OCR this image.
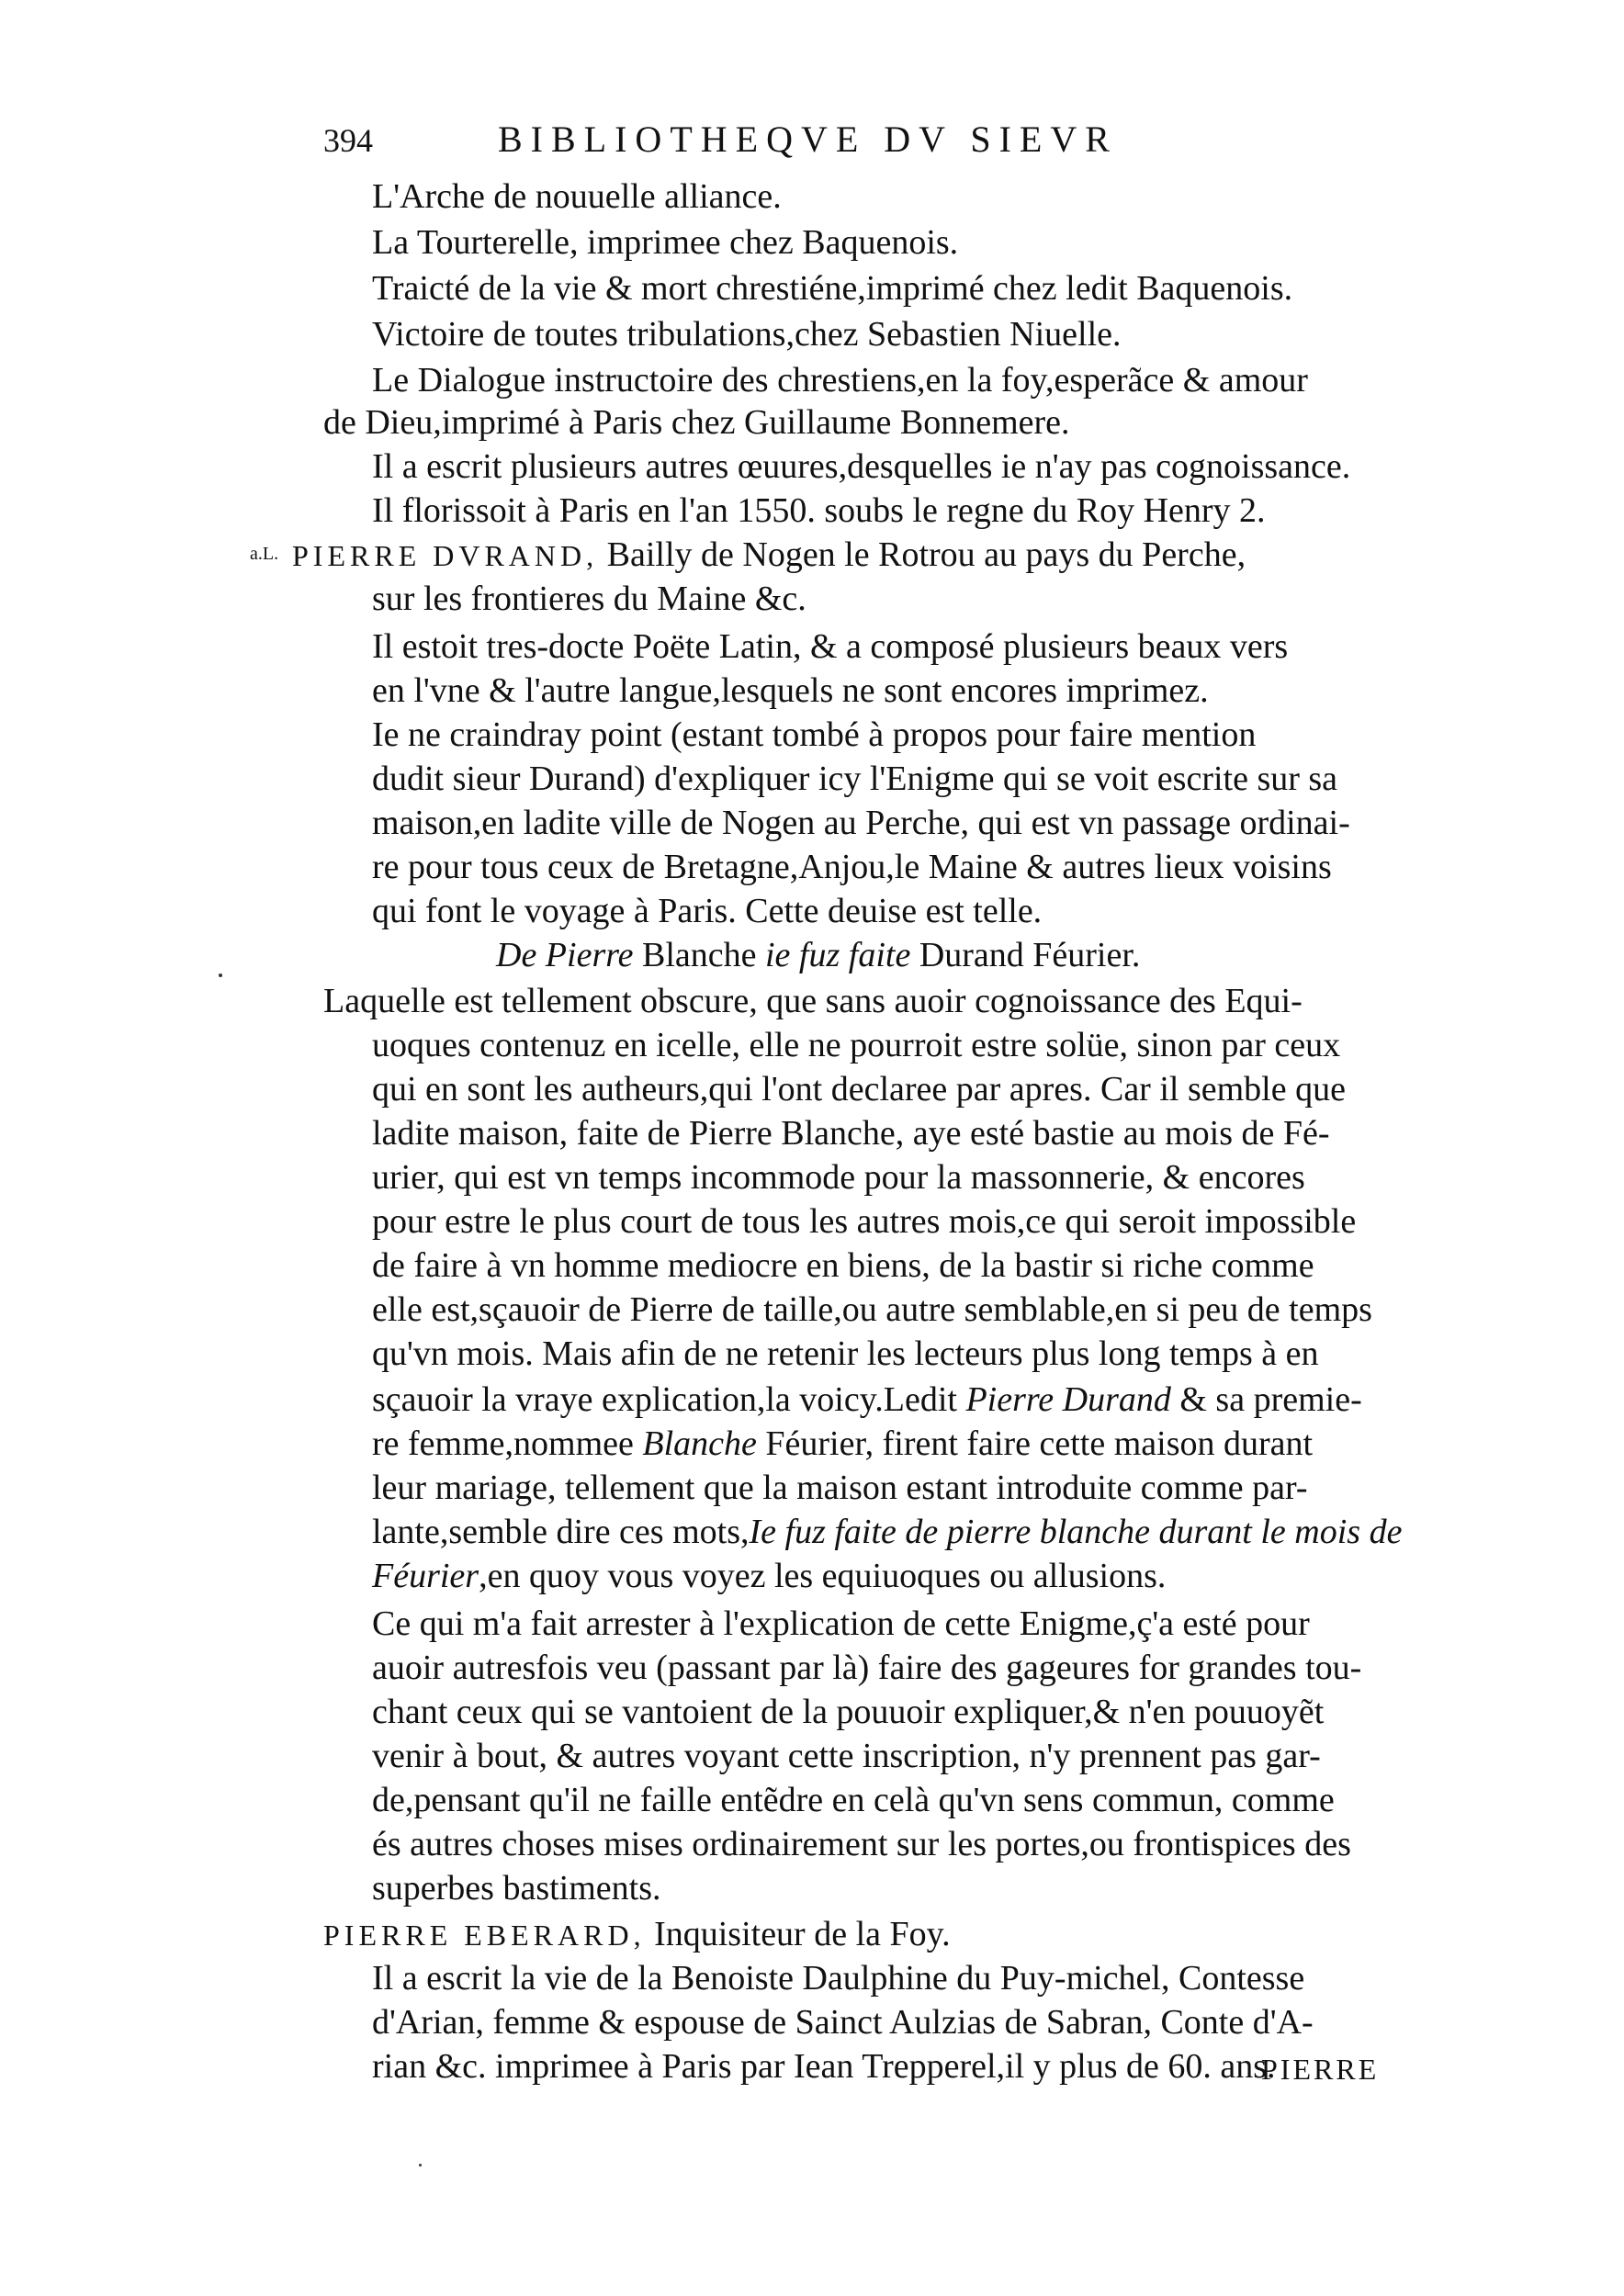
394	BIBLIOTHEQVE DV SIEVR
L'Arche de nouuelle alliance.
La Tourterelle, imprimee chez Baquenois.
Traicté de la vie & mort chrestiéne,imprimé chez ledit Baquenois.
Victoire de toutes tribulations,chez Sebastien Niuelle.
Le Dialogue instructoire des chrestiens,en la foy,esperãce & amour
de Dieu,imprimé à Paris chez Guillaume Bonnemere.
Il a escrit plusieurs autres œuures,desquelles ie n'ay pas cognoissance.
Il florissoit à Paris en l'an 1550. soubs le regne du Roy Henry 2.
a.L. PIERRE DVRAND, Bailly de Nogen le Rotrou au pays du Perche,
sur les frontieres du Maine &c.
Il estoit tres-docte Poëte Latin, & a composé plusieurs beaux vers
en l'vne & l'autre langue,lesquels ne sont encores imprimez.
Ie ne craindray point (estant tombé à propos pour faire mention
dudit sieur Durand) d'expliquer icy l'Enigme qui se voit escrite sur sa
maison,en ladite ville de Nogen au Perche, qui est vn passage ordinai-
re pour tous ceux de Bretagne,Anjou,le Maine & autres lieux voisins
qui font le voyage à Paris. Cette deuise est telle.
De Pierre Blanche ie fuz faite Durand Féurier.
Laquelle est tellement obscure, que sans auoir cognoissance des Equi-
uoques contenuz en icelle, elle ne pourroit estre solüe, sinon par ceux
qui en sont les autheurs,qui l'ont declaree par apres. Car il semble que
ladite maison, faite de Pierre Blanche, aye esté bastie au mois de Fé-
urier, qui est vn temps incommode pour la massonnerie, & encores
pour estre le plus court de tous les autres mois,ce qui seroit impossible
de faire à vn homme mediocre en biens, de la bastir si riche comme
elle est,sçauoir de Pierre de taille,ou autre semblable,en si peu de temps
qu'vn mois. Mais afin de ne retenir les lecteurs plus long temps à en
sçauoir la vraye explication,la voicy.Ledit Pierre Durand & sa premie-
re femme,nommee Blanche Féurier, firent faire cette maison durant
leur mariage, tellement que la maison estant introduite comme par-
lante,semble dire ces mots,Ie fuz faite de pierre blanche durant le mois de
Féurier,en quoy vous voyez les equiuoques ou allusions.
Ce qui m'a fait arrester à l'explication de cette Enigme,ç'a esté pour
auoir autresfois veu (passant par là) faire des gageures for grandes tou-
chant ceux qui se vantoient de la pouuoir expliquer,& n'en pouuoyẽt
venir à bout, & autres voyant cette inscription, n'y prennent pas gar-
de,pensant qu'il ne faille entẽdre en celà qu'vn sens commun, comme
és autres choses mises ordinairement sur les portes,ou frontispices des
superbes bastiments.
PIERRE EBERARD, Inquisiteur de la Foy.
Il a escrit la vie de la Benoiste Daulphine du Puy-michel, Contesse
d'Arian, femme & espouse de Sainct Aulzias de Sabran, Conte d'A-
rian &c. imprimee à Paris par Iean Trepperel,il y plus de 60. ans.
PIERRE
